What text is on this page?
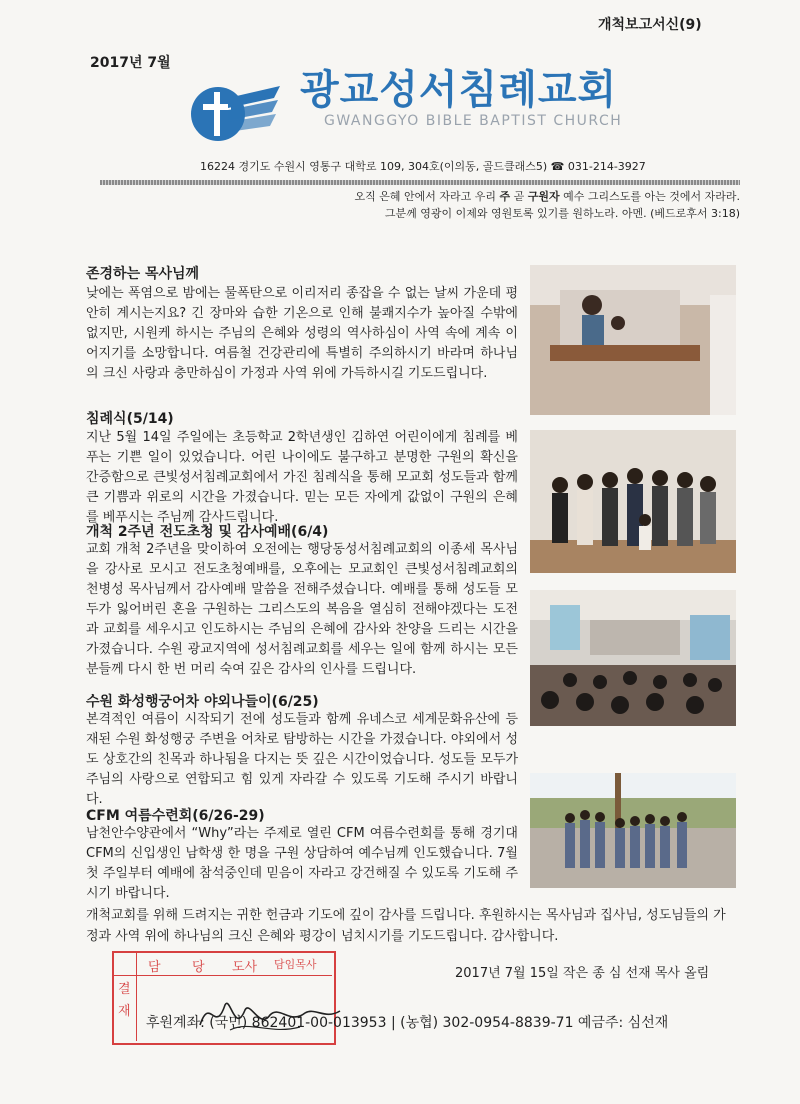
개척보고서신(9)
2017년 7월
광교성서침례교회
GWANGGYO BIBLE BAPTIST CHURCH
16224 경기도 수원시 영통구 대학로 109, 304호(이의동, 골드클래스5) ☎ 031-214-3927
오직 은혜 안에서 자라고 우리 주 곧 구원자 예수 그리스도를 아는 것에서 자라라.
그분께 영광이 이제와 영원토록 있기를 원하노라. 아멘. (베드로후서 3:18)
존경하는 목사님께
낮에는 폭염으로 밤에는 물폭탄으로 이리저리 종잡을 수 없는 날씨 가운데 평안히 계시는지요? 긴 장마와 습한 기온으로 인해 불쾌지수가 높아질 수밖에 없지만, 시원케 하시는 주님의 은혜와 성령의 역사하심이 사역 속에 계속 이어지기를 소망합니다. 여름철 건강관리에 특별히 주의하시기 바라며 하나님의 크신 사랑과 충만하심이 가정과 사역 위에 가득하시길 기도드립니다.
침례식(5/14)
지난 5월 14일 주일에는 초등학교 2학년생인 김하연 어린이에게 침례를 베푸는 기쁜 일이 있었습니다. 어린 나이에도 불구하고 분명한 구원의 확신을 간증함으로 큰빛성서침례교회에서 가진 침례식을 통해 모교회 성도들과 함께 큰 기쁨과 위로의 시간을 가졌습니다. 믿는 모든 자에게 값없이 구원의 은혜를 베푸시는 주님께 감사드립니다.
개척 2주년 전도초청 및 감사예배(6/4)
교회 개척 2주년을 맞이하여 오전에는 행당동성서침례교회의 이종세 목사님을 강사로 모시고 전도초청예배를, 오후에는 모교회인 큰빛성서침례교회의 천병성 목사님께서 감사예배 말씀을 전해주셨습니다. 예배를 통해 성도들 모두가 잃어버린 혼을 구원하는 그리스도의 복음을 열심히 전해야겠다는 도전과 교회를 세우시고 인도하시는 주님의 은혜에 감사와 찬양을 드리는 시간을 가졌습니다. 수원 광교지역에 성서침례교회를 세우는 일에 함께 하시는 모든 분들께 다시 한 번 머리 숙여 깊은 감사의 인사를 드립니다.
수원 화성행궁어차 야외나들이(6/25)
본격적인 여름이 시작되기 전에 성도들과 함께 유네스코 세계문화유산에 등재된 수원 화성행궁 주변을 어차로 탐방하는 시간을 가졌습니다. 야외에서 성도 상호간의 친목과 하나됨을 다지는 뜻 깊은 시간이었습니다. 성도들 모두가 주님의 사랑으로 연합되고 힘 있게 자라갈 수 있도록 기도해 주시기 바랍니다.
CFM 여름수련회(6/26-29)
남천안수양관에서 “Why”라는 주제로 열린 CFM 여름수련회를 통해 경기대 CFM의 신입생인 남학생 한 명을 구원 상담하여 예수님께 인도했습니다. 7월 첫 주일부터 예배에 참석중인데 믿음이 자라고 강건해질 수 있도록 기도해 주시기 바랍니다.
개척교회를 위해 드려지는 귀한 헌금과 기도에 깊이 감사를 드립니다. 후원하시는 목사님과 집사님, 성도님들의 가정과 사역 위에 하나님의 크신 은혜와 평강이 넘치시기를 기도드립니다. 감사합니다.
2017년 7월 15일 작은 종 심 선재 목사 올림
결재
담 당 도사 담임목사
후원계좌: (국민) 862401-00-013953 | (농협) 302-0954-8839-71 예금주: 심선재
